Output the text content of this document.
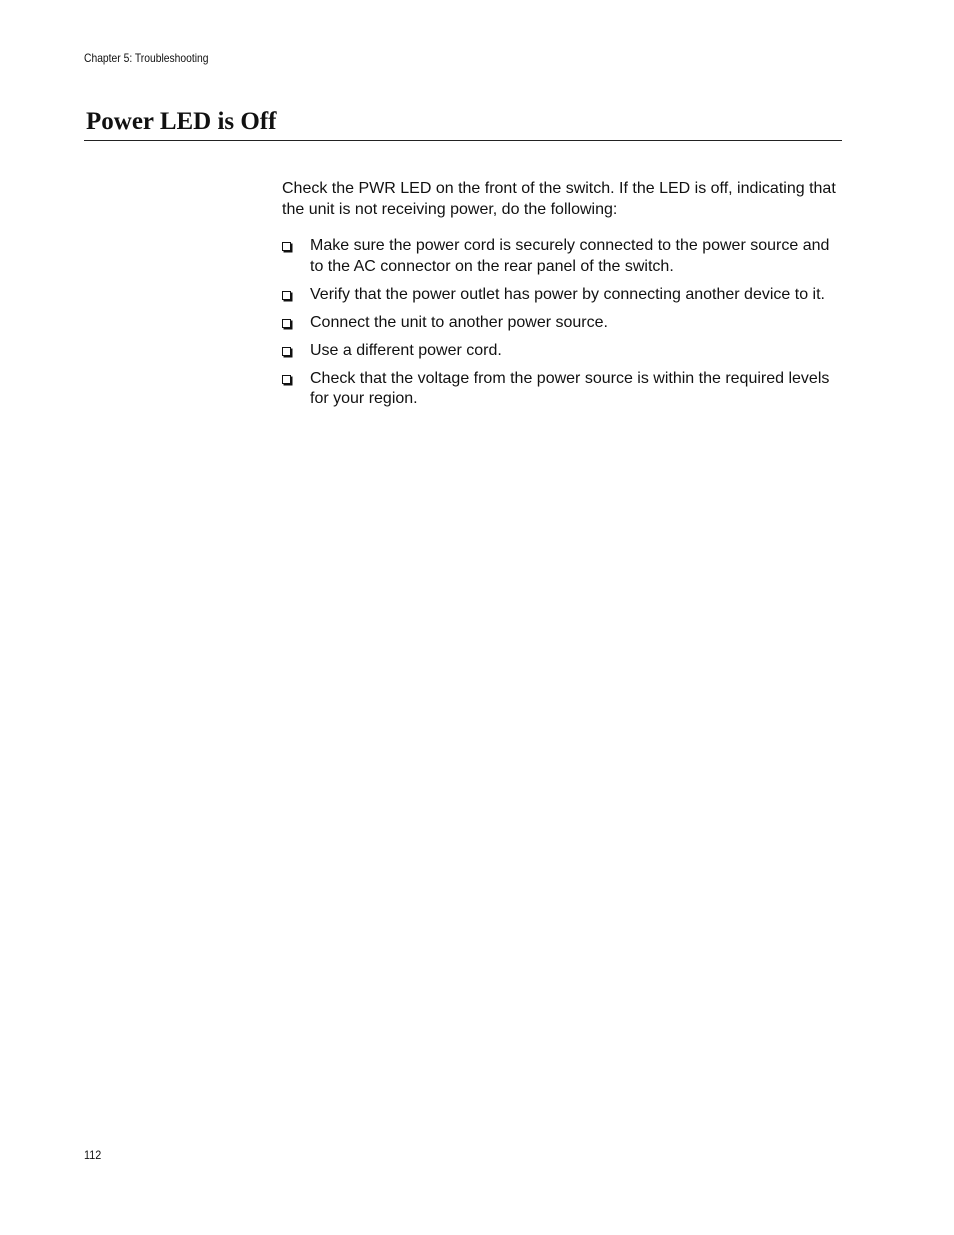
Chapter 5: Troubleshooting
Power LED is Off

Check the PWR LED on the front of the switch. If the LED is off, indicating that the unit is not receiving power, do the following:

Make sure the power cord is securely connected to the power source and to the AC connector on the rear panel of the switch.
Verify that the power outlet has power by connecting another device to it.
Connect the unit to another power source.
Use a different power cord.
Check that the voltage from the power source is within the required levels for your region.
112
